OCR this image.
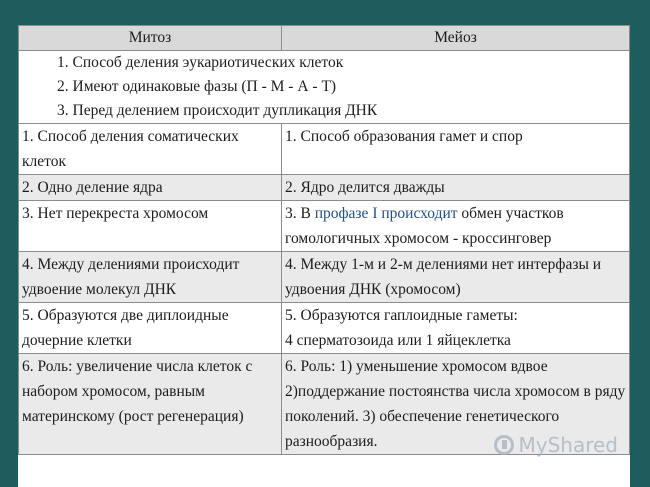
Митоз	Мейоз

1. Способ деления эукариотических клеток
2. Имеют одинаковые фазы (П - М - А - Т)
3. Перед делением происходит дупликация ДНК	

1. Способ деления соматических клеток	1. Способ образования гамет и спор
2. Одно деление ядра	2. Ядро делится дважды
3. Нет перекреста хромосом	3. В профазе I происходит обмен участков гомологичных хромосом - кроссинговер
4. Между делениями происходит удвоение молекул ДНК	4. Между 1-м и 2-м делениями нет интерфазы и удвоения ДНК (хромосом)
5. Образуются две диплоидные дочерние клетки	5. Образуются гаплоидные гаметы:
4 сперматозоида или 1 яйцеклетка

6. Роль: увеличение числа клеток с набором хромосом, равным материнскому (рост регенерация)	6. Роль: 1) уменьшение хромосом вдвое 2)поддержание постоянства числа хромосом в ряду поколений. 3) обеспечение генетического разнообразия.	MyShared
